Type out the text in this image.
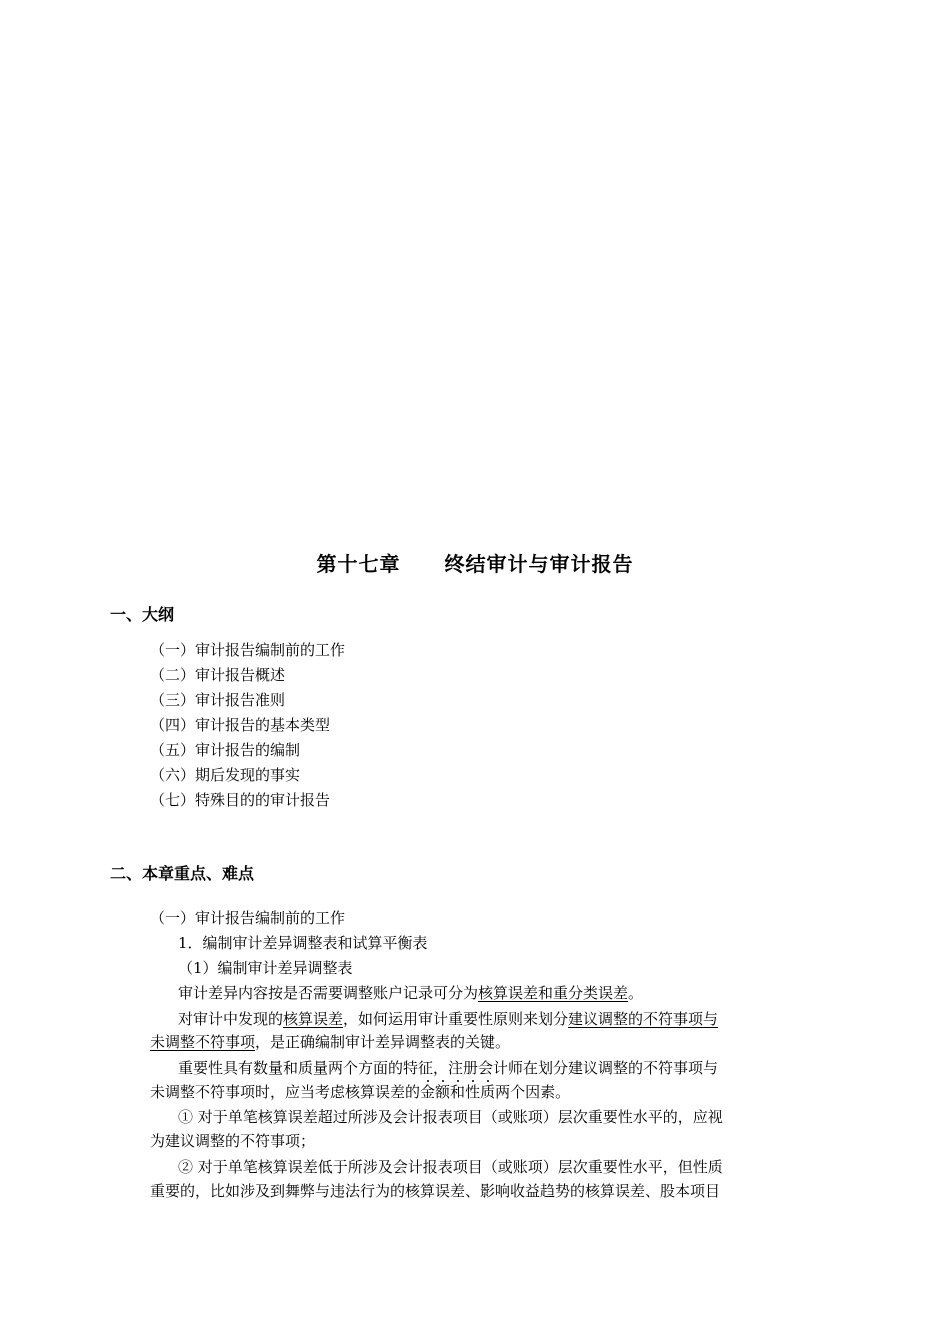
第十七章 终结审计与审计报告
一、大纲
（一）审计报告编制前的工作
（二）审计报告概述
（三）审计报告准则
（四）审计报告的基本类型
（五）审计报告的编制
（六）期后发现的事实
（七）特殊目的的审计报告
二、本章重点、难点
（一）审计报告编制前的工作
1．编制审计差异调整表和试算平衡表
（1）编制审计差异调整表
审计差异内容按是否需要调整账户记录可分为核算误差和重分类误差。
对审计中发现的核算误差，如何运用审计重要性原则来划分建议调整的不符事项与
未调整不符事项，是正确编制审计差异调整表的关键。
重要性具有数量和质量两个方面的特征，注册会计师在划分建议调整的不符事项与
未调整不符事项时，应当考虑核算误差的金额和性质两个因素。
① 对于单笔核算误差超过所涉及会计报表项目（或账项）层次重要性水平的，应视
为建议调整的不符事项；
② 对于单笔核算误差低于所涉及会计报表项目（或账项）层次重要性水平，但性质
重要的，比如涉及到舞弊与违法行为的核算误差、影响收益趋势的核算误差、股本项目
